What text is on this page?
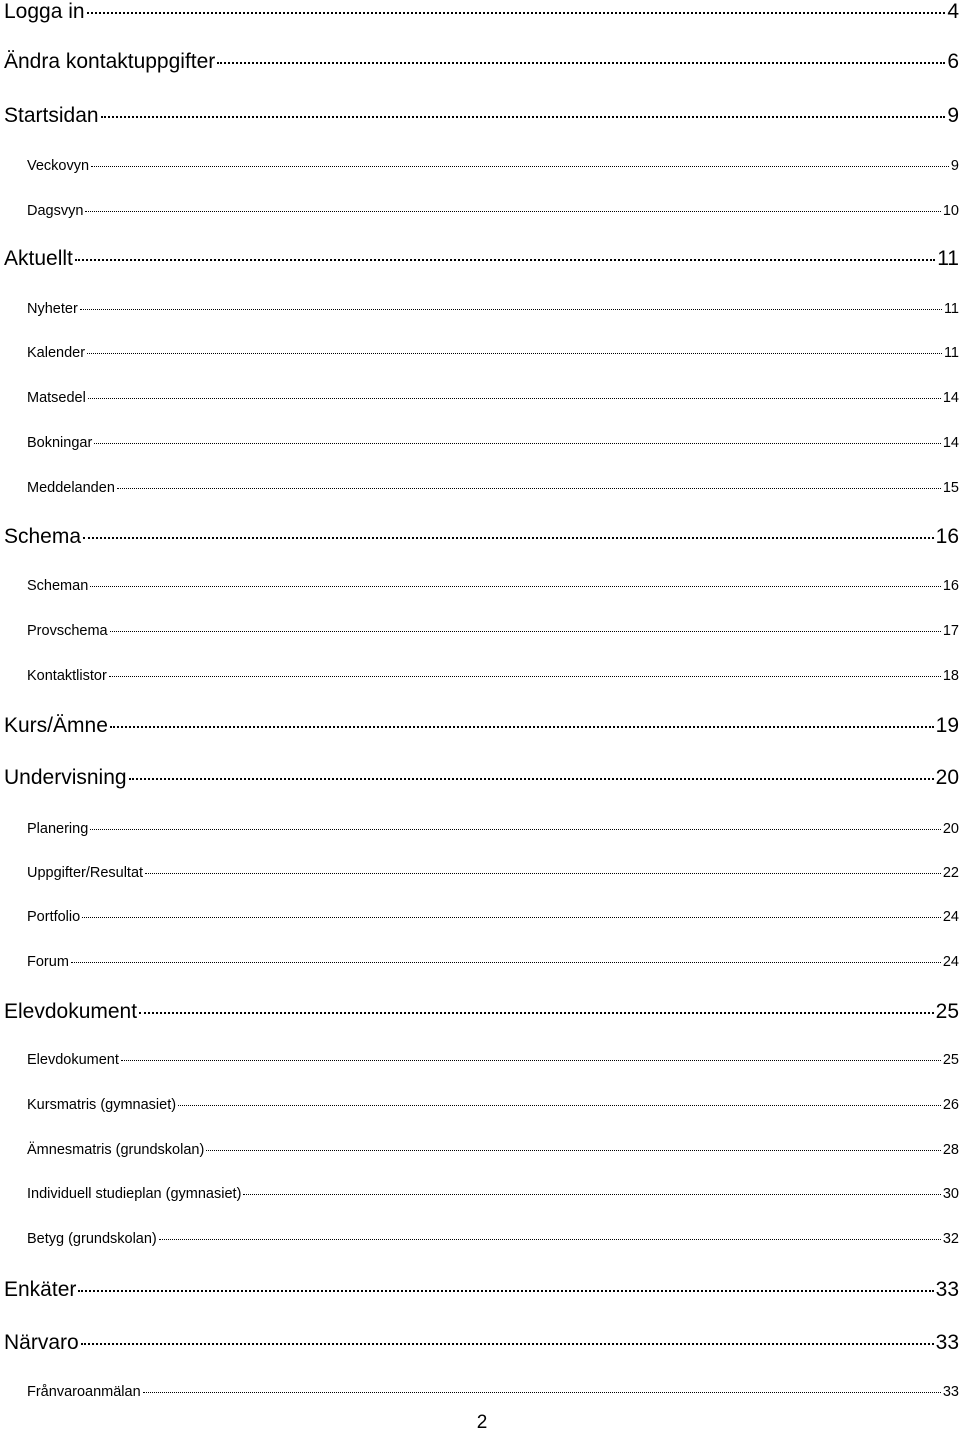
Logga in	4
Ändra kontaktuppgifter	6
Startsidan	9
Veckovyn	9
Dagsvyn	10
Aktuellt	11
Nyheter	11
Kalender	11
Matsedel	14
Bokningar	14
Meddelanden	15
Schema	16
Scheman	16
Provschema	17
Kontaktlistor	18
Kurs/Ämne	19
Undervisning	20
Planering	20
Uppgifter/Resultat	22
Portfolio	24
Forum	24
Elevdokument	25
Elevdokument	25
Kursmatris (gymnasiet)	26
Ämnesmatris (grundskolan)	28
Individuell studieplan (gymnasiet)	30
Betyg (grundskolan)	32
Enkäter	33
Närvaro	33
Frånvaroanmälan	33
2
